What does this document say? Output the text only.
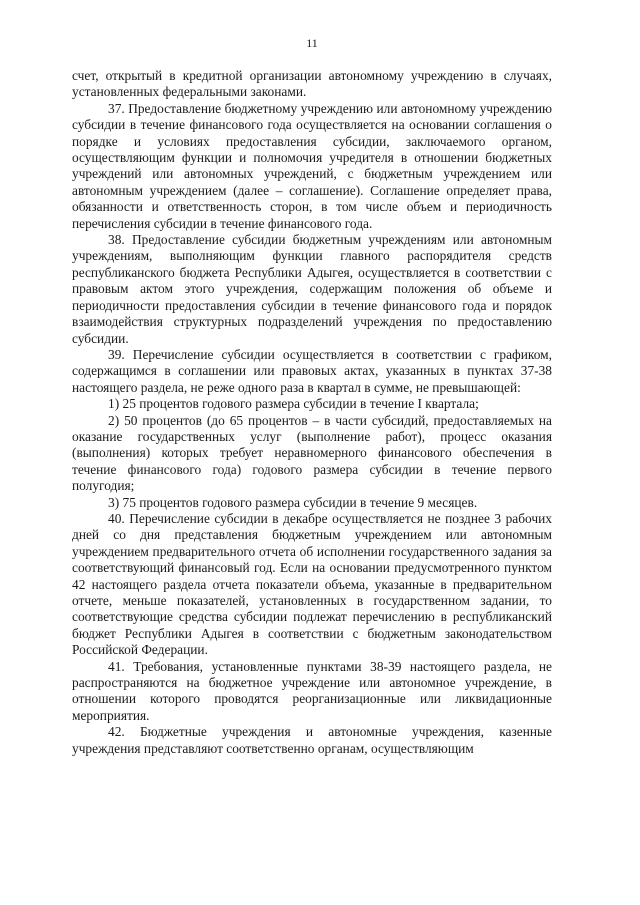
11

счет, открытый в кредитной организации автономному учреждению в случаях, установленных федеральными законами.

37. Предоставление бюджетному учреждению или автономному учреждению субсидии в течение финансового года осуществляется на основании соглашения о порядке и условиях предоставления субсидии, заключаемого органом, осуществляющим функции и полномочия учредителя в отношении бюджетных учреждений или автономных учреждений, с бюджетным учреждением или автономным учреждением (далее – соглашение). Соглашение определяет права, обязанности и ответственность сторон, в том числе объем и периодичность перечисления субсидии в течение финансового года.

38. Предоставление субсидии бюджетным учреждениям или автономным учреждениям, выполняющим функции главного распорядителя средств республиканского бюджета Республики Адыгея, осуществляется в соответствии с правовым актом этого учреждения, содержащим положения об объеме и периодичности предоставления субсидии в течение финансового года и порядок взаимодействия структурных подразделений учреждения по предоставлению субсидии.

39. Перечисление субсидии осуществляется в соответствии с графиком, содержащимся в соглашении или правовых актах, указанных в пунктах 37-38 настоящего раздела, не реже одного раза в квартал в сумме, не превышающей:

1) 25 процентов годового размера субсидии в течение I квартала;

2) 50 процентов (до 65 процентов – в части субсидий, предоставляемых на оказание государственных услуг (выполнение работ), процесс оказания (выполнения) которых требует неравномерного финансового обеспечения в течение финансового года) годового размера субсидии в течение первого полугодия;

3) 75 процентов годового размера субсидии в течение 9 месяцев.

40. Перечисление субсидии в декабре осуществляется не позднее 3 рабочих дней со дня представления бюджетным учреждением или автономным учреждением предварительного отчета об исполнении государственного задания за соответствующий финансовый год. Если на основании предусмотренного пунктом 42 настоящего раздела отчета показатели объема, указанные в предварительном отчете, меньше показателей, установленных в государственном задании, то соответствующие средства субсидии подлежат перечислению в республиканский бюджет Республики Адыгея в соответствии с бюджетным законодательством Российской Федерации.

41. Требования, установленные пунктами 38-39 настоящего раздела, не распространяются на бюджетное учреждение или автономное учреждение, в отношении которого проводятся реорганизационные или ликвидационные мероприятия.

42. Бюджетные учреждения и автономные учреждения, казенные учреждения представляют соответственно органам, осуществляющим
